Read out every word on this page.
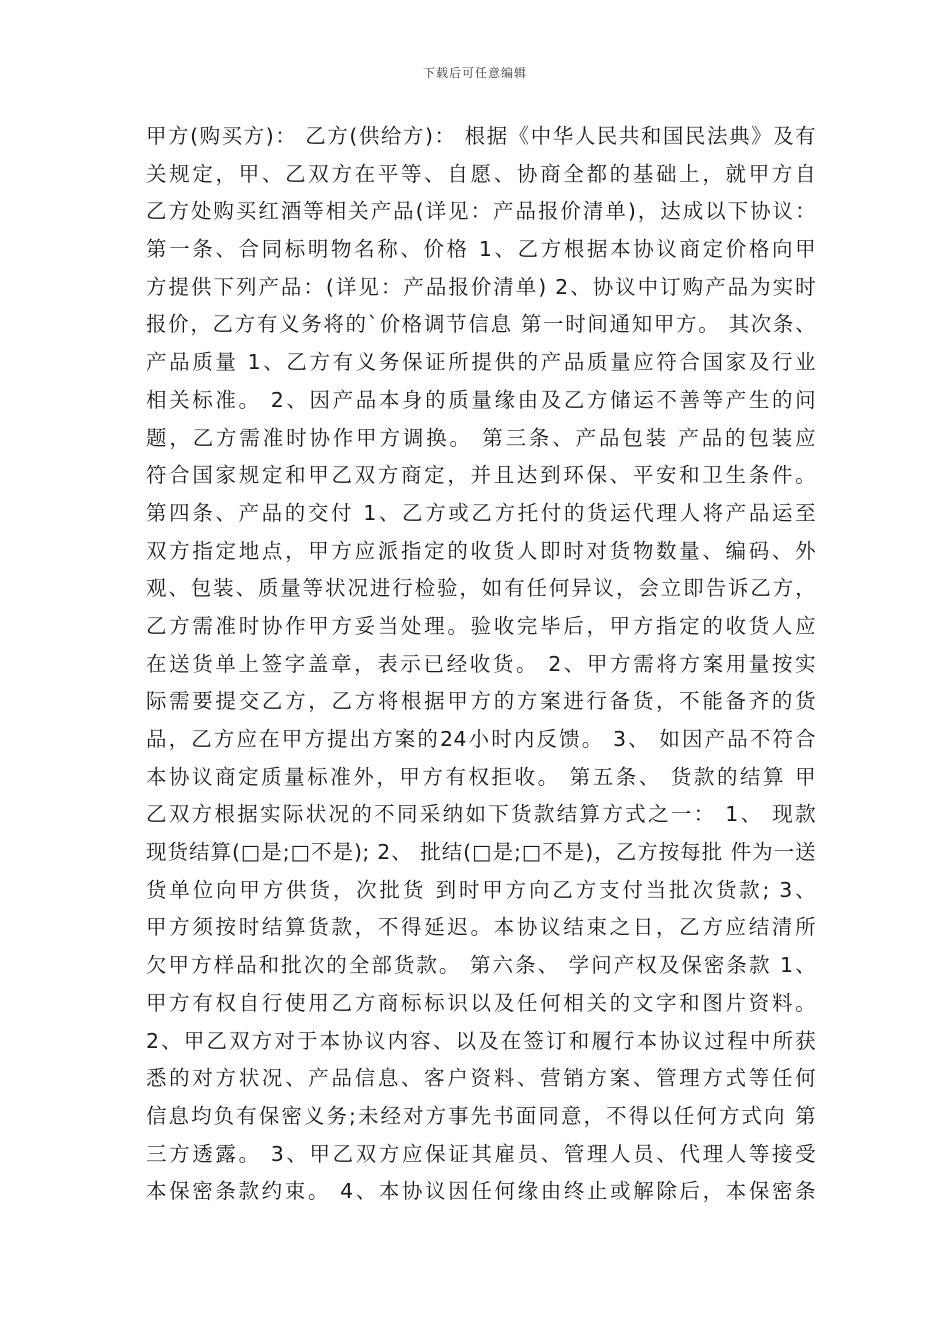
下载后可任意编辑
甲方(购买方)： 乙方(供给方)： 根据《中华人民共和国民法典》及有
关规定，甲、乙双方在平等、自愿、协商全都的基础上，就甲方自
乙方处购买红酒等相关产品(详见：产品报价清单)，达成以下协议：
第一条、合同标明物名称、价格 1、乙方根据本协议商定价格向甲
方提供下列产品：(详见：产品报价清单) 2、协议中订购产品为实时
报价，乙方有义务将的`价格调节信息 第一时间通知甲方。 其次条、
产品质量 1、乙方有义务保证所提供的产品质量应符合国家及行业
相关标准。 2、因产品本身的质量缘由及乙方储运不善等产生的问
题，乙方需准时协作甲方调换。 第三条、产品包装 产品的包装应
符合国家规定和甲乙双方商定，并且达到环保、平安和卫生条件。
第四条、产品的交付 1、乙方或乙方托付的货运代理人将产品运至
双方指定地点，甲方应派指定的收货人即时对货物数量、编码、外
观、包装、质量等状况进行检验，如有任何异议，会立即告诉乙方，
乙方需准时协作甲方妥当处理。验收完毕后，甲方指定的收货人应
在送货单上签字盖章，表示已经收货。 2、甲方需将方案用量按实
际需要提交乙方，乙方将根据甲方的方案进行备货，不能备齐的货
品，乙方应在甲方提出方案的24小时内反馈。 3、 如因产品不符合
本协议商定质量标准外，甲方有权拒收。 第五条、 货款的结算 甲
乙双方根据实际状况的不同采纳如下货款结算方式之一： 1、 现款
现货结算(□是;□不是); 2、 批结(□是;□不是)，乙方按每批 件为一送
货单位向甲方供货，次批货 到时甲方向乙方支付当批次货款; 3、
甲方须按时结算货款，不得延迟。本协议结束之日，乙方应结清所
欠甲方样品和批次的全部货款。 第六条、 学问产权及保密条款 1、
甲方有权自行使用乙方商标标识以及任何相关的文字和图片资料。
2、甲乙双方对于本协议内容、以及在签订和履行本协议过程中所获
悉的对方状况、产品信息、客户资料、营销方案、管理方式等任何
信息均负有保密义务;未经对方事先书面同意，不得以任何方式向 第
三方透露。 3、甲乙双方应保证其雇员、管理人员、代理人等接受
本保密条款约束。 4、本协议因任何缘由终止或解除后，本保密条
